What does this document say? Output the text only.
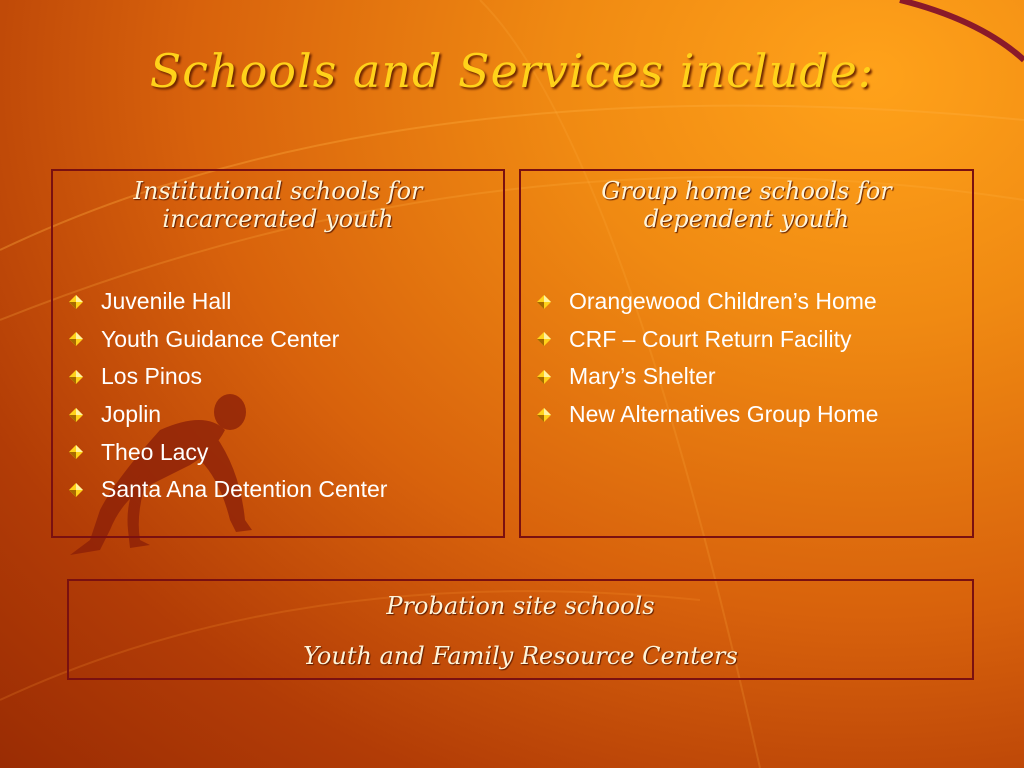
Schools and Services include:
Institutional schools for incarcerated youth
Juvenile Hall
Youth Guidance Center
Los Pinos
Joplin
Theo Lacy
Santa Ana Detention Center
Group home schools for dependent youth
Orangewood Children’s Home
CRF – Court Return Facility
Mary’s Shelter
New Alternatives Group Home
Probation site schools
Youth and Family Resource Centers
